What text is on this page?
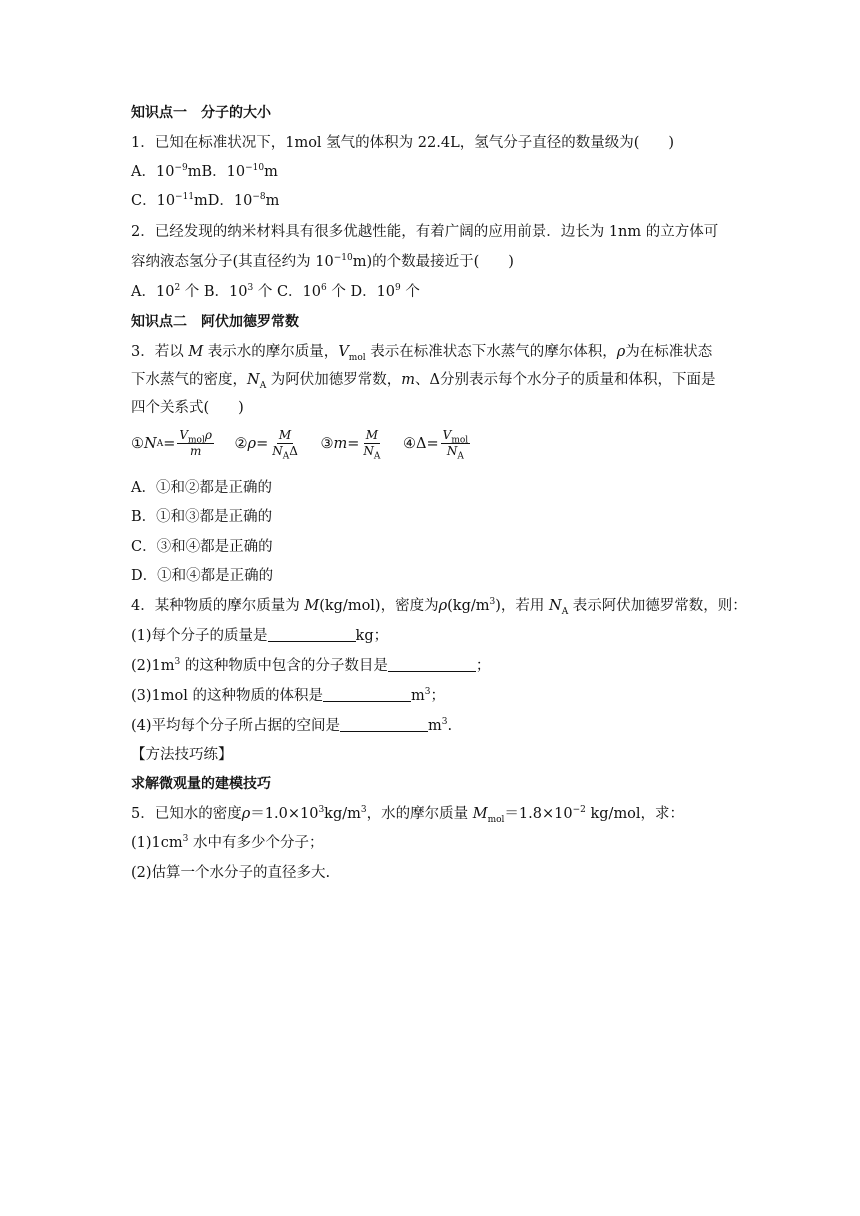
知识点一　分子的大小
1．已知在标准状况下，1mol 氢气的体积为 22.4L，氢气分子直径的数量级为(　　)
A．$10^{-9}mB$．$10^{-10}m$
C．$10^{-11}mD$．$10^{-8}m$
2．已经发现的纳米材料具有很多优越性能，有着广阔的应用前景．边长为 1nm 的立方体可
容纳液态氢分子(其直径约为 $10^{-10}m$)的个数最接近于(　　)
A．$10^2$ 个 B．$10^3$ 个 C．$10^6$ 个 D．$10^9$ 个
知识点二　阿伏加德罗常数
3．若以 M 表示水的摩尔质量，$V_{mol}$ 表示在标准状态下水蒸气的摩尔体积，ρ为在标准状态
下水蒸气的密度，$N_A$ 为阿伏加德罗常数，m、Δ分别表示每个水分子的质量和体积，下面是
四个关系式(　　)
① N $A = \frac{V_{mol}\rho}{m}$
② $\rho = \frac{M}{N_A\Delta}$
③ $m = \frac{M}{N_A}$
④ $\Delta = \frac{V_{mol}}{N_A}$
A．①和②都是正确的
B．①和③都是正确的
C．③和④都是正确的
D．①和④都是正确的
4．某种物质的摩尔质量为 M(kg/mol)，密度为$\rho(kg/m^3)$，若用 $N_A$ 表示阿伏加德罗常数，则：
(1)每个分子的质量是	kg；
$(2)1m^3$ 的这种物质中包含的分子数目是	；
(3)1mol 的这种物质的体积是	$m^3$；
(4)平均每个分子所占据的空间是	$m^3$.
【方法技巧练】
求解微观量的建模技巧
5．已知水的密度$\rho=1.0\times 10^3kg/m^3$，水的摩尔质量 $M_{mol}=1.8\times 10^{-2}$ kg/mol，求：
$(1)1cm^3$ 水中有多少个分子；
(2)估算一个水分子的直径多大.
